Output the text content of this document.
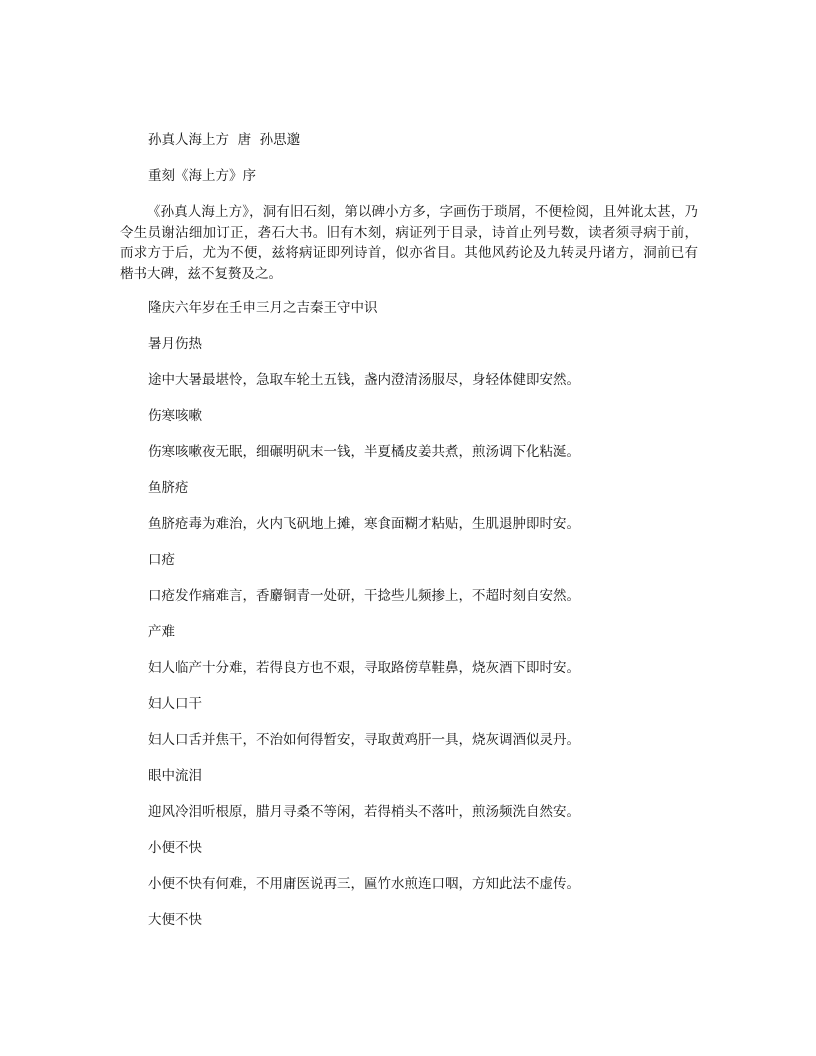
孙真人海上方  唐  孙思邈

重刻《海上方》序

《孙真人海上方》，洞有旧石刻，第以碑小方多，字画伤于琐屑，不便检阅，且舛讹太甚，乃令生员谢沾细加订正，砻石大书。旧有木刻，病证列于目录，诗首止列号数，读者须寻病于前，而求方于后，尤为不便，兹将病证即列诗首，似亦省目。其他风药论及九转灵丹诸方，洞前已有楷书大碑，兹不复赘及之。

隆庆六年岁在壬申三月之吉秦王守中识

暑月伤热

途中大暑最堪怜，急取车轮土五钱，盏内澄清汤服尽，身轻体健即安然。

伤寒咳嗽

伤寒咳嗽夜无眠，细碾明矾末一钱，半夏橘皮姜共煮，煎汤调下化粘涎。

鱼脐疮

鱼脐疮毒为难治，火内飞矾地上摊，寒食面糊才粘贴，生肌退肿即时安。

口疮

口疮发作痛难言，香麝铜青一处研，干捻些儿频掺上，不超时刻自安然。

产难

妇人临产十分难，若得良方也不艰，寻取路傍草鞋鼻，烧灰酒下即时安。

妇人口干

妇人口舌并焦干，不治如何得暂安，寻取黄鸡肝一具，烧灰调酒似灵丹。

眼中流泪

迎风冷泪听根原，腊月寻桑不等闲，若得梢头不落叶，煎汤频洗自然安。

小便不快

小便不快有何难，不用庸医说再三，匾竹水煎连口咽，方知此法不虚传。

大便不快
